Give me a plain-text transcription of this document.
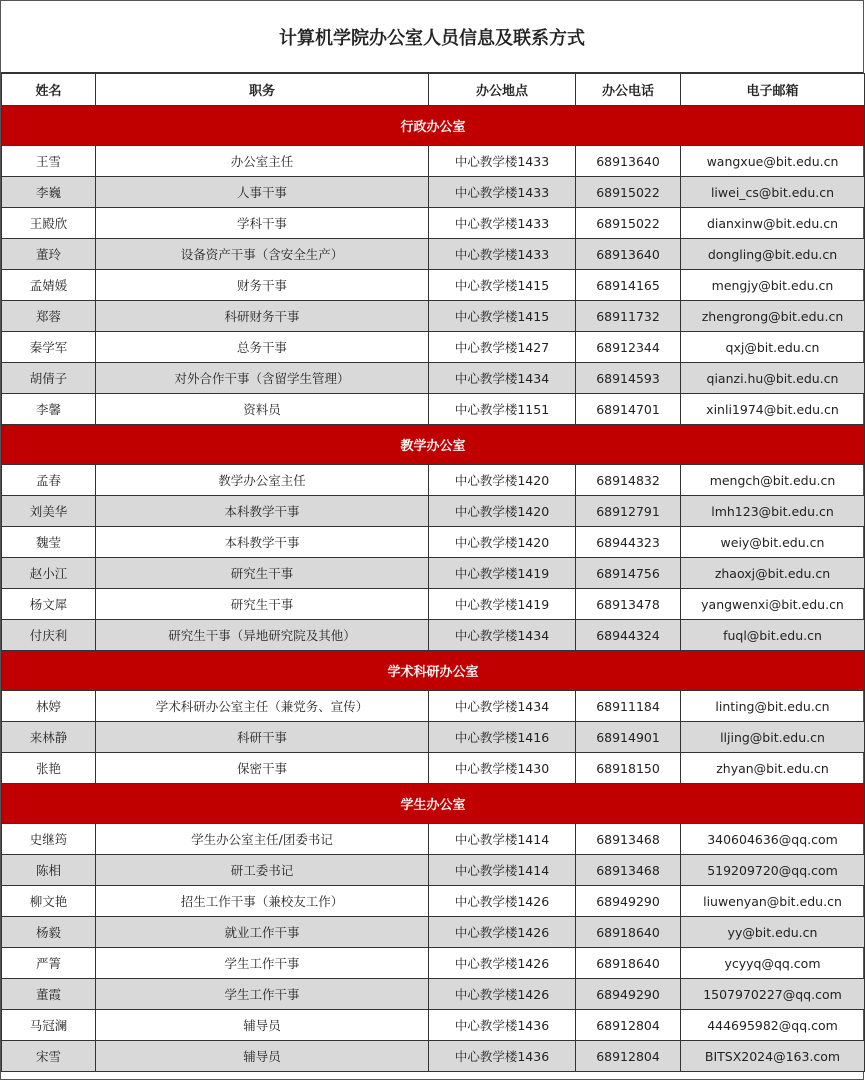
计算机学院办公室人员信息及联系方式
姓名	职务	办公地点	办公电话	电子邮箱
行政办公室				
王雪	办公室主任	中心教学楼1433	68913640	wangxue@bit.edu.cn
李巍	人事干事	中心教学楼1433	68915022	liwei_cs@bit.edu.cn
王殿欣	学科干事	中心教学楼1433	68915022	dianxinw@bit.edu.cn
董玲	设备资产干事（含安全生产）	中心教学楼1433	68913640	dongling@bit.edu.cn
孟婧媛	财务干事	中心教学楼1415	68914165	mengjy@bit.edu.cn
郑蓉	科研财务干事	中心教学楼1415	68911732	zhengrong@bit.edu.cn
秦学军	总务干事	中心教学楼1427	68912344	qxj@bit.edu.cn
胡倩子	对外合作干事（含留学生管理）	中心教学楼1434	68914593	qianzi.hu@bit.edu.cn
李馨	资料员	中心教学楼1151	68914701	xinli1974@bit.edu.cn
教学办公室				
孟春	教学办公室主任	中心教学楼1420	68914832	mengch@bit.edu.cn
刘美华	本科教学干事	中心教学楼1420	68912791	lmh123@bit.edu.cn
魏莹	本科教学干事	中心教学楼1420	68944323	weiy@bit.edu.cn
赵小江	研究生干事	中心教学楼1419	68914756	zhaoxj@bit.edu.cn
杨文犀	研究生干事	中心教学楼1419	68913478	yangwenxi@bit.edu.cn
付庆利	研究生干事（异地研究院及其他）	中心教学楼1434	68944324	fuql@bit.edu.cn
学术科研办公室				
林婷	学术科研办公室主任（兼党务、宣传）	中心教学楼1434	68911184	linting@bit.edu.cn
来林静	科研干事	中心教学楼1416	68914901	lljing@bit.edu.cn
张艳	保密干事	中心教学楼1430	68918150	zhyan@bit.edu.cn
学生办公室				
史继筠	学生办公室主任/团委书记	中心教学楼1414	68913468	340604636@qq.com
陈相	研工委书记	中心教学楼1414	68913468	519209720@qq.com
柳文艳	招生工作干事（兼校友工作）	中心教学楼1426	68949290	liuwenyan@bit.edu.cn
杨毅	就业工作干事	中心教学楼1426	68918640	yy@bit.edu.cn
严箐	学生工作干事	中心教学楼1426	68918640	ycyyq@qq.com
董霞	学生工作干事	中心教学楼1426	68949290	1507970227@qq.com
马冠澜	辅导员	中心教学楼1436	68912804	444695982@qq.com
宋雪	辅导员	中心教学楼1436	68912804	BITSX2024@163.com
